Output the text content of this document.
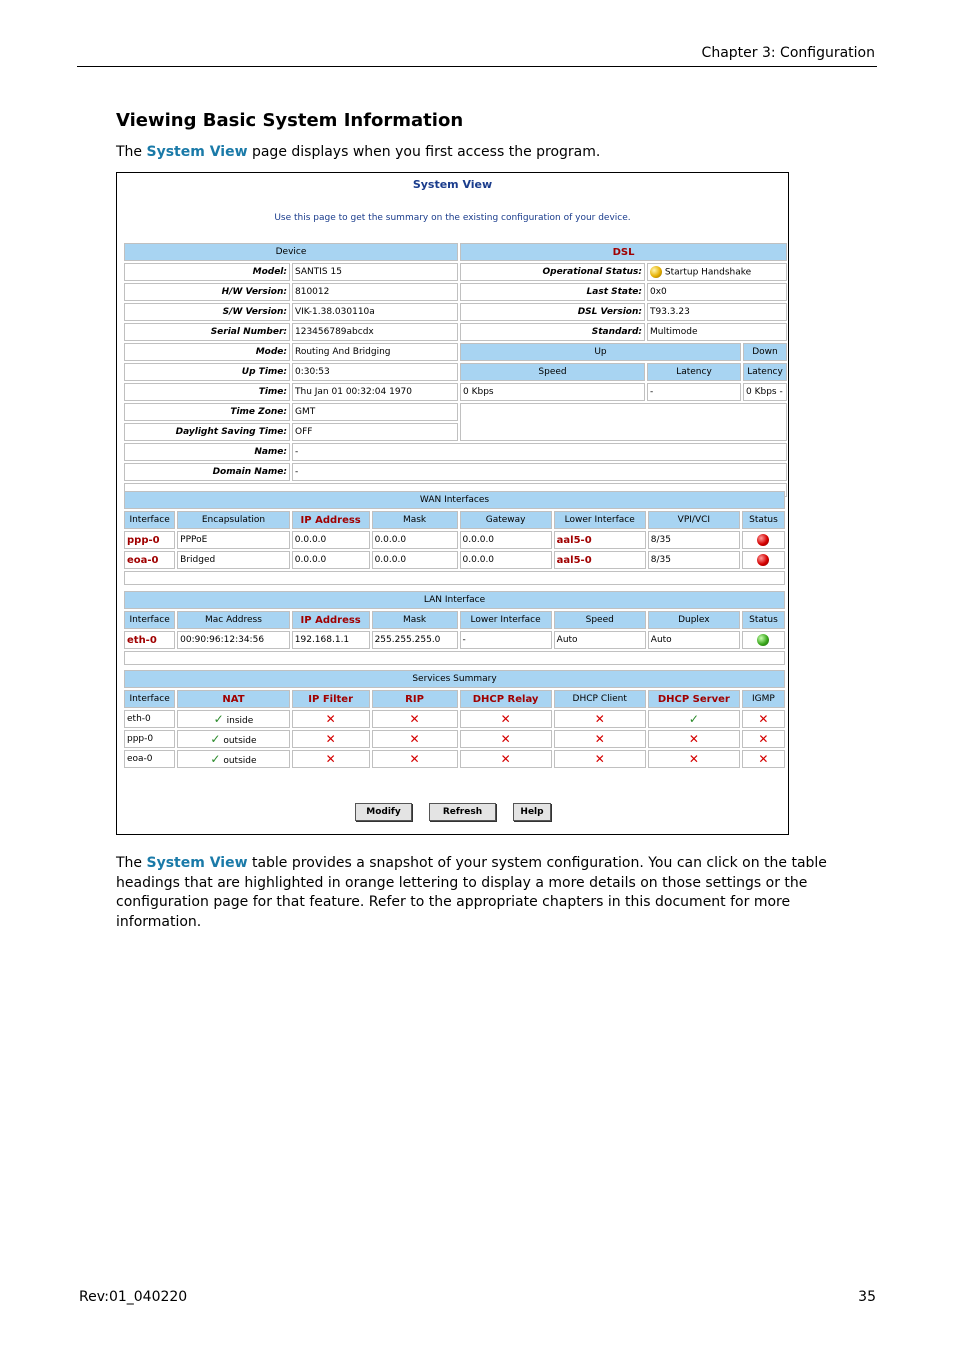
Chapter 3: Configuration
Viewing Basic System Information
The System View page displays when you first access the program.
System View
Use this page to get the summary on the existing configuration of your device.
Device		DSL		
Model:	SANTIS 15	Operational Status:	Startup Handshake	
H/W Version:	810012	Last State:	0x0	
S/W Version:	VIK-1.38.030110a	DSL Version:	T93.3.23	
Serial Number:	123456789abcdx	Standard:	Multimode	
Mode:	Routing And Bridging	Up		Down
Up Time:	0:30:53	Speed	Latency	Latency
Time:	Thu Jan 01 00:32:04 1970	0 Kbps	-	0 Kbps -
Time Zone:	GMT			
Daylight Saving Time:	OFF			
Name:	-			
Domain Name:	-			

WAN Interfaces							
Interface	Encapsulation	IP Address	Mask	Gateway	Lower Interface	VPI/VCI	Status
ppp-0	PPPoE	0.0.0.0	0.0.0.0	0.0.0.0	aal5-0	8/35	
eoa-0	Bridged	0.0.0.0	0.0.0.0	0.0.0.0	aal5-0	8/35	

LAN Interface							
Interface	Mac Address	IP Address	Mask	Lower Interface	Speed	Duplex	Status
eth-0	00:90:96:12:34:56	192.168.1.1	255.255.255.0	-	Auto	Auto	

Services Summary							
Interface	NAT	IP Filter	RIP	DHCP Relay	DHCP Client	DHCP Server	IGMP
eth-0	✓ inside	✕	✕	✕	✕	✓	✕
ppp-0	✓ outside	✕	✕	✕	✕	✕	✕
eoa-0	✓ outside	✕	✕	✕	✕	✕	✕
Modify	Refresh	Help
The System View table provides a snapshot of your system configuration. You can click on the table headings that are highlighted in orange lettering to display a more details on those settings or the configuration page for that feature. Refer to the appropriate chapters in this document for more information.
Rev:01_040220	35
